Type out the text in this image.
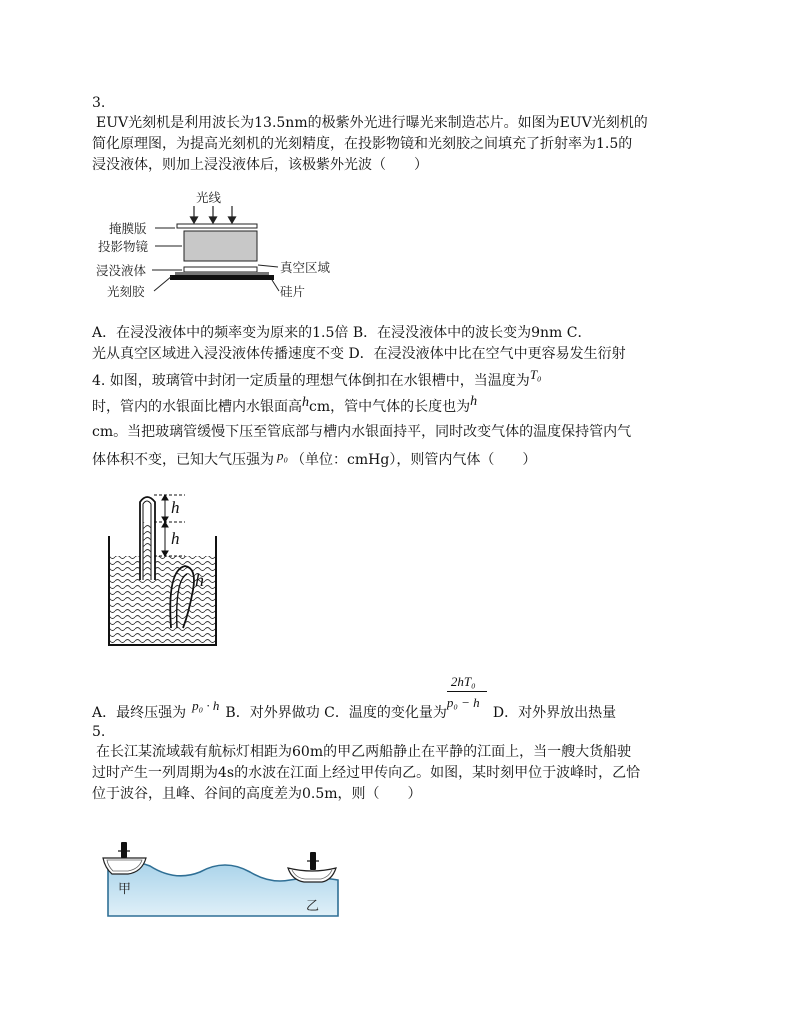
3.
EUV光刻机是利用波长为13.5nm的极紫外光进行曝光来制造芯片。如图为EUV光刻机的
简化原理图，为提高光刻机的光刻精度，在投影物镜和光刻胶之间填充了折射率为1.5的
浸没液体，则加上浸没液体后，该极紫外光波（　　）
光线
掩膜版
投影物镜
浸没液体
光刻胶
真空区域
硅片
A．在浸没液体中的频率变为原来的1.5倍 B．在浸没液体中的波长变为9nm C．
光从真空区域进入浸没液体传播速度不变 D．在浸没液体中比在空气中更容易发生衍射
4. 如图，玻璃管中封闭一定质量的理想气体倒扣在水银槽中，当温度为T₀
时，管内的水银面比槽内水银面高hcm，管中气体的长度也为h
cm。当把玻璃管缓慢下压至管底部与槽内水银面持平，同时改变气体的温度保持管内气
体体积不变，已知大气压强为 p₀ （单位：cmHg），则管内气体（　　）
h
h
h
A．最终压强为 p₀ · h B．对外界做功 C．温度的变化量为 $\frac{\text{2hT₀}}{\text{p₀ − h}}$ D．对外界放出热量
5.
在长江某流域载有航标灯相距为60m的甲乙两船静止在平静的江面上，当一艘大货船驶
过时产生一列周期为4s的水波在江面上经过甲传向乙。如图，某时刻甲位于波峰时，乙恰
位于波谷，且峰、谷间的高度差为0.5m，则（　　）
甲
乙
